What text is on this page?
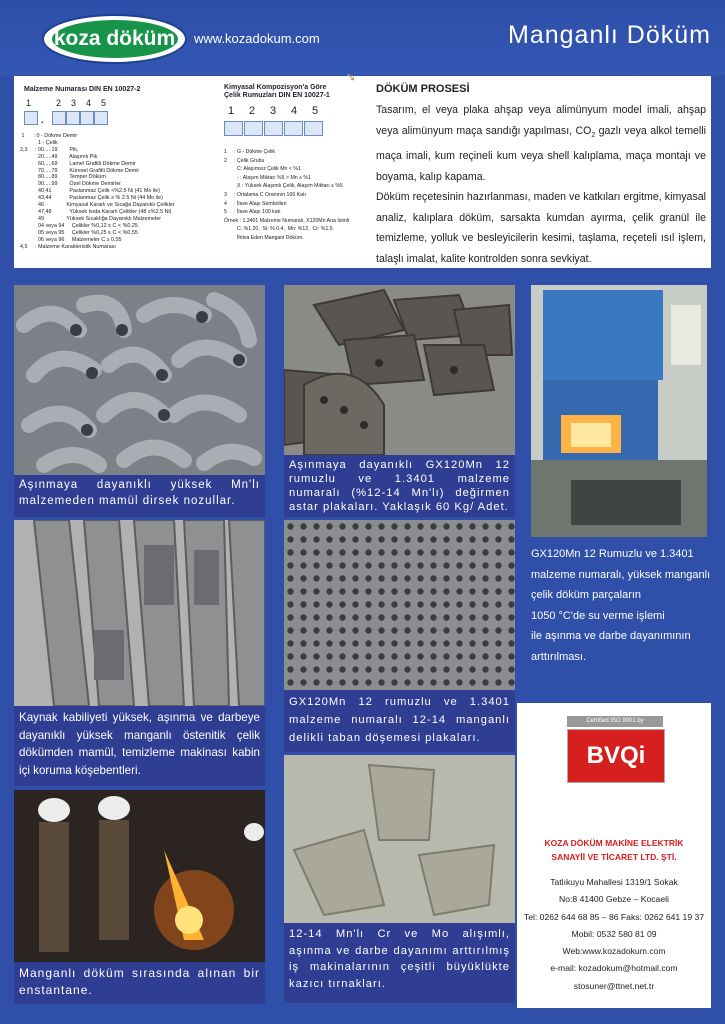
koza döküm www.kozadokum.com	Manganlı Döküm
Malzeme Numarası DIN EN 10027-2
1	2 3 4 5
.
1      : 0 - Dökme Demir
1 - Çelik
2,3     : 00.....19        Pik,
20.....49        Alaşımlı Pik
60.....69        Lamel Grafitli Dökme Demir
70.....79        Küresel Grafitli Dökme Demir
80.....89        Temper Döküm
90.....99        Özel Dökme Demirler
40,41            Paslanmaz Çelik <%2.5 Ni (41 Mo ile)
43,44            Paslanmaz Çelik ≥ % 2.5 Ni (44 Mo ile)
46               Kimyasal Kararlı ve Sıcağa Dayanıklı Çelikler
47,48            Yüksek Isıda Kararlı Çelikler (48 ≥%2.5 Ni)
49               Yüksek Sıcaklığa Dayanıklı Malzemeler
04 veya 94     Çelikler %0,12 ≤ C < %0,25
05 veya 95     Çelikler %0,25 ≤ C < %0,55
06 veya 96     Malzemeler C ≥ 0,55
4,5     : Malzeme Karakteristik Numarası
➘
Kimyasal Kompozisyon'a Göre
Çelik Rumuzları DIN EN 10027-1
1 2 3 4 5
1     : G - Dökme Çelik
2     : Çelik Grubu
C: Alaşımsız Çelik Mn < %1
- : Alaşım Miktarı %5 > Mn ≥ %1
X : Yüksek Alaşımlı Çelik, Alaşım Miktarı ≥ %5
3     : Ortalama C Oranının 100 Katı
4     : İlave Alaşı Sembolleri
5     : İlave Alaşı 100 katı
Örnek : 1.3401 Malzeme Numaralı, X120Mn Ana İsimli
C: %1.20,  Si: % 0.4,  Mn: %12,  Cr: %1.5
İhtiva Eden Mangani Döküm.
DÖKÜM PROSESİ
Tasarım, el veya plaka ahşap veya alimünyum model imali, ahşap veya alimünyum maça sandığı yapılması, $CO_2$ gazlı veya alkol temelli maça imali, kum reçineli kum veya shell kalıplama, maça montajı ve boyama, kalıp kapama.
Döküm reçetesinin hazırlanması, maden ve katkıları ergitme, kimyasal analiz, kalıplara döküm, sarsakta kumdan ayırma, çelik granül ile temizleme, yolluk ve besleyicilerin kesimi, taşlama, reçeteli ısıl işlem, talaşlı imalat, kalite kontrolden sonra sevkiyat.
Aşınmaya dayanıklı yüksek Mn'lı malzemeden mamül dirsek nozullar.
Aşınmaya dayanıklı GX120Mn 12 rumuzlu ve 1.3401 malzeme numaralı (%12-14 Mn'lı) değirmen astar plakaları. Yaklaşık 60 Kg/ Adet.
GX120Mn 12 Rumuzlu ve 1.3401
malzeme numaralı, yüksek manganlı
çelik döküm parçaların
1050 °C'de su verme işlemi
ile aşınma ve darbe dayanımının
arttırılması.
Kaynak kabiliyeti yüksek, aşınma ve darbeye dayanıklı yüksek manganlı östenitik çelik dökümden mamül, temizleme makinası kabin içi koruma köşebentleri.
GX120Mn 12 rumuzlu ve 1.3401 malzeme numaralı 12-14 manganlı delikli taban döşemesi plakaları.
Manganlı döküm sırasında alınan bir enstantane.
12-14 Mn'lı Cr ve Mo alışımlı, aşınma ve darbe dayanımı arttırılmış iş makinalarının çeşitli büyüklükte kazıcı tırnakları.
Certified ISO 9001 by
BVQi
KOZA DÖKÜM MAKİNE ELEKTRİK
SANAYİİ VE TİCARET LTD. ŞTİ.
Tatlıkuyu Mahallesi 1319/1 Sokak
No:8 41400 Gebze – Kocaeli
Tel: 0262 644 68 85 – 86 Faks: 0262 641 19 37
Mobil: 0532 580 81 09
Web:www.kozadokum.com
e-mail: kozadokum@hotmail.com
stosuner@ttnet.net.tr
